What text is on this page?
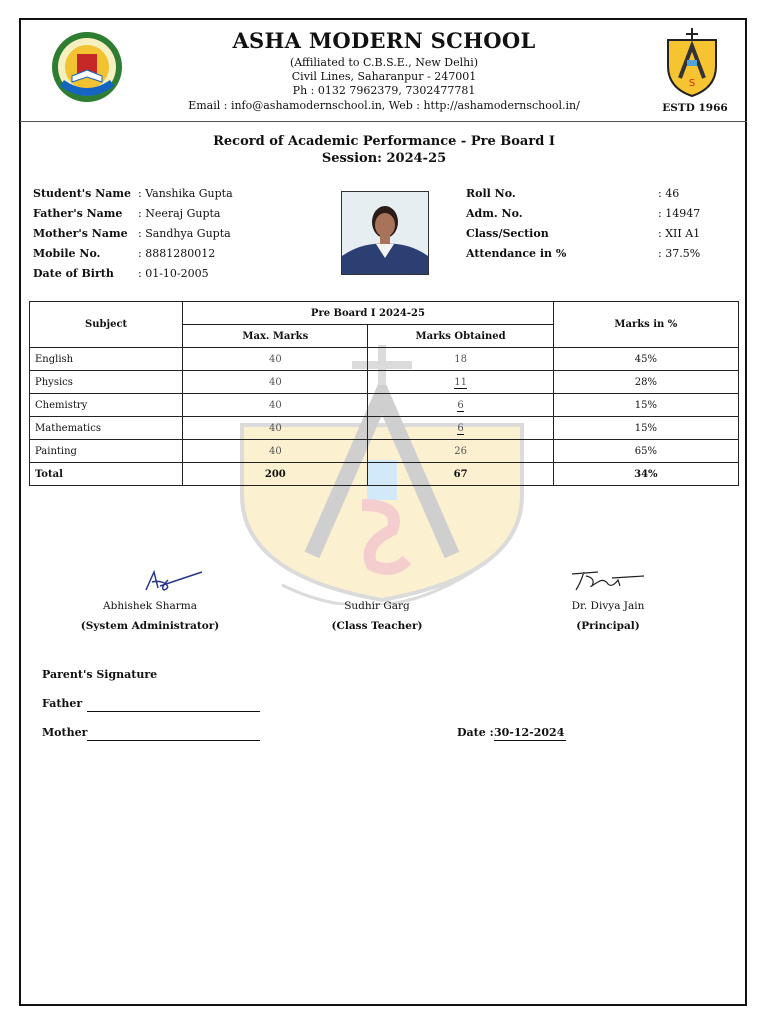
S
ASHA MODERN SCHOOL
(Affiliated to C.B.S.E., New Delhi)
Civil Lines, Saharanpur - 247001
Ph : 0132 7962379, 7302477781
Email : info@ashamodernschool.in, Web : http://ashamodernschool.in/	ESTD 1966
Record of Academic Performance - Pre Board I
Session: 2024-25
Student's Name : Vanshika Gupta
Father's Name : Neeraj Gupta
Mother's Name : Sandhya Gupta
Mobile No.	: 8881280012
Date of Birth : 01-10-2005
Roll No.	: 46
Adm. No.	: 14947
Class/Section	: XII A1
Attendance in %	: 37.5%
Subject	Pre Board I 2024-25		Marks in %
	Max. Marks	Marks Obtained	
English	40	18	45%
Physics	40	11	28%
Chemistry	40	6	15%
Mathematics	40	6	15%
Painting	40	26	65%
Total	200	67	34%
Abhishek Sharma
(System Administrator)
Sudhir Garg
(Class Teacher)
Dr. Divya Jain
(Principal)
Parent's Signature
Father
Mother	Date : 30-12-2024
